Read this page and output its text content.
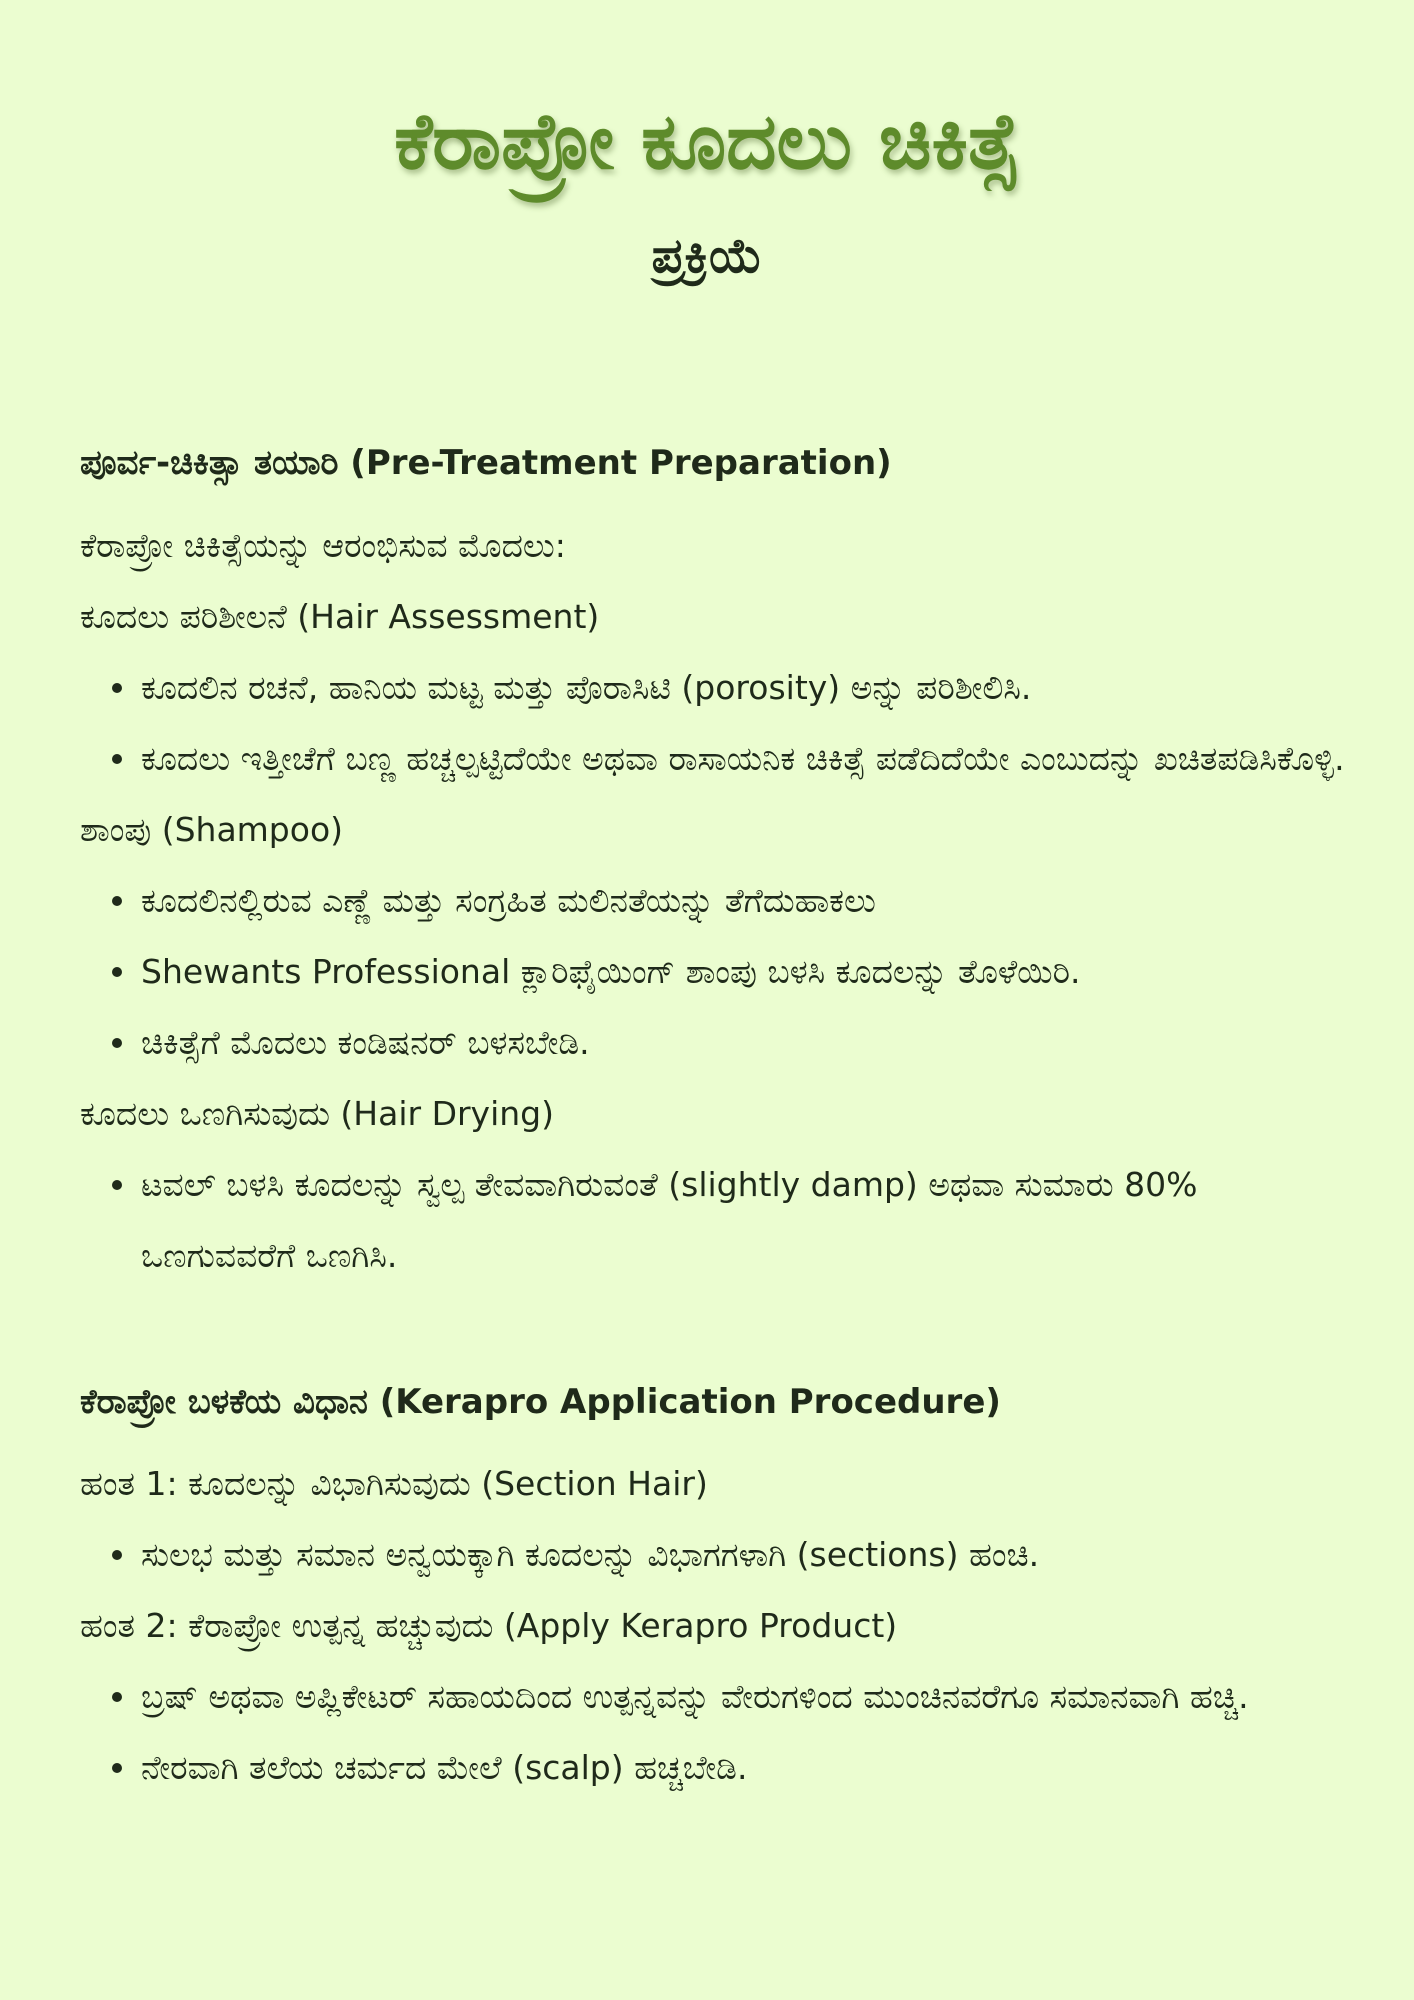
ಕೆರಾಪ್ರೋ ಕೂದಲು ಚಿಕಿತ್ಸೆ
ಪ್ರಕ್ರಿಯೆ
ಪೂರ್ವ-ಚಿಕಿತ್ಸಾ ತಯಾರಿ (Pre-Treatment Preparation)

ಕೆರಾಪ್ರೋ ಚಿಕಿತ್ಸೆಯನ್ನು ಆರಂಭಿಸುವ ಮೊದಲು:

ಕೂದಲು ಪರಿಶೀಲನೆ (Hair Assessment)

ಕೂದಲಿನ ರಚನೆ, ಹಾನಿಯ ಮಟ್ಟ ಮತ್ತು ಪೊರಾಸಿಟಿ (porosity) ಅನ್ನು ಪರಿಶೀಲಿಸಿ.
ಕೂದಲು ಇತ್ತೀಚೆಗೆ ಬಣ್ಣ ಹಚ್ಚಲ್ಪಟ್ಟಿದೆಯೇ ಅಥವಾ ರಾಸಾಯನಿಕ ಚಿಕಿತ್ಸೆ ಪಡೆದಿದೆಯೇ ಎಂಬುದನ್ನು ಖಚಿತಪಡಿಸಿಕೊಳ್ಳಿ.

ಶಾಂಪು (Shampoo)

ಕೂದಲಿನಲ್ಲಿರುವ ಎಣ್ಣೆ ಮತ್ತು ಸಂಗ್ರಹಿತ ಮಲಿನತೆಯನ್ನು ತೆಗೆದುಹಾಕಲು
Shewants Professional ಕ್ಲಾರಿಫೈಯಿಂಗ್ ಶಾಂಪು ಬಳಸಿ ಕೂದಲನ್ನು ತೊಳೆಯಿರಿ.
ಚಿಕಿತ್ಸೆಗೆ ಮೊದಲು ಕಂಡಿಷನರ್ ಬಳಸಬೇಡಿ.

ಕೂದಲು ಒಣಗಿಸುವುದು (Hair Drying)

ಟವಲ್ ಬಳಸಿ ಕೂದಲನ್ನು ಸ್ವಲ್ಪ ತೇವವಾಗಿರುವಂತೆ (slightly damp) ಅಥವಾ ಸುಮಾರು 80% ಒಣಗುವವರೆಗೆ ಒಣಗಿಸಿ.
ಕೆರಾಪ್ರೋ ಬಳಕೆಯ ವಿಧಾನ (Kerapro Application Procedure)

ಹಂತ 1: ಕೂದಲನ್ನು ವಿಭಾಗಿಸುವುದು (Section Hair)

ಸುಲಭ ಮತ್ತು ಸಮಾನ ಅನ್ವಯಕ್ಕಾಗಿ ಕೂದಲನ್ನು ವಿಭಾಗಗಳಾಗಿ (sections) ಹಂಚಿ.

ಹಂತ 2: ಕೆರಾಪ್ರೋ ಉತ್ಪನ್ನ ಹಚ್ಚುವುದು (Apply Kerapro Product)

ಬ್ರಷ್ ಅಥವಾ ಅಪ್ಲಿಕೇಟರ್ ಸಹಾಯದಿಂದ ಉತ್ಪನ್ನವನ್ನು ವೇರುಗಳಿಂದ ಮುಂಚಿನವರೆಗೂ ಸಮಾನವಾಗಿ ಹಚ್ಚಿ.
ನೇರವಾಗಿ ತಲೆಯ ಚರ್ಮದ ಮೇಲೆ (scalp) ಹಚ್ಚಬೇಡಿ.
